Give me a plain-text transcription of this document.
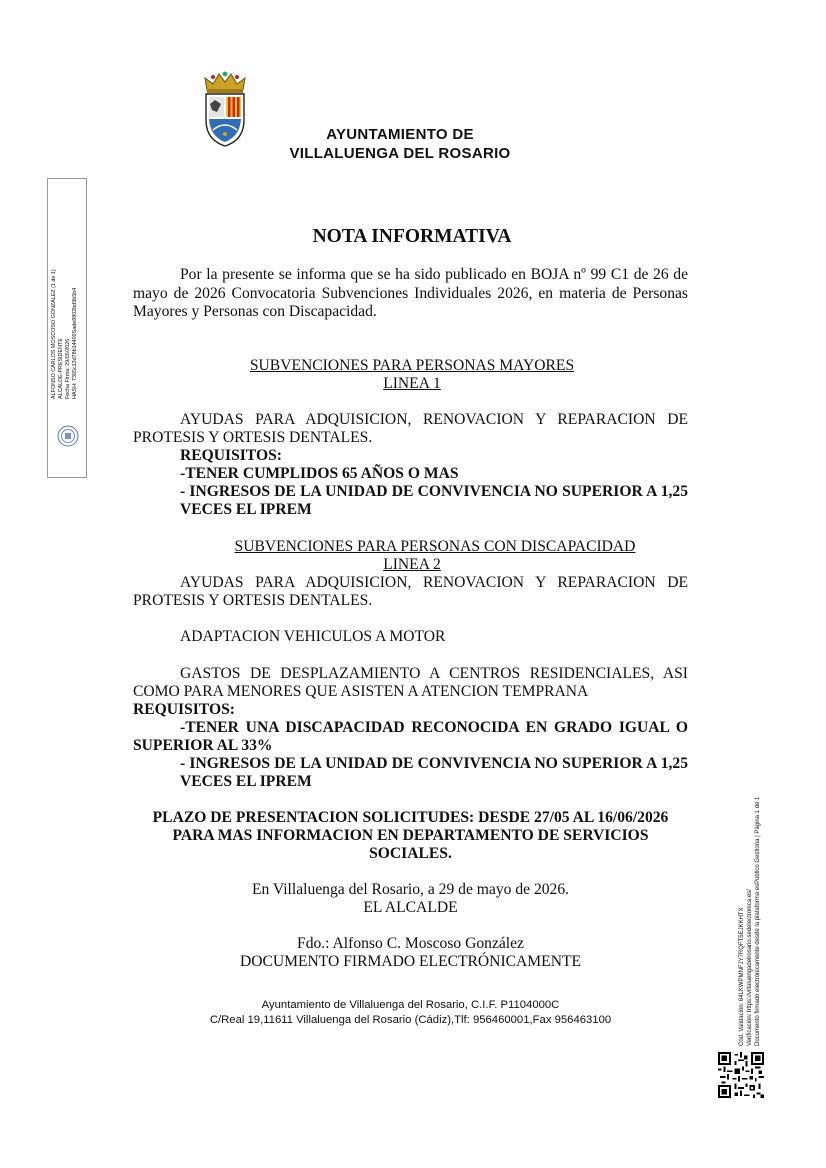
AYUNTAMIENTO DE
VILLALUENGA DEL ROSARIO
ALFONSO CARLOS MOSCOSO GONZALEZ (1 de 1) ALCALDE-PRESIDENTE Fecha Firma: 29/05/2026 HASH: 7305c13d78b14400Sade8802bd9b5b4
NOTA INFORMATIVA
Por la presente se informa que se ha sido publicado en BOJA nº 99 C1 de 26 de
mayo de 2026 Convocatoria Subvenciones Individuales 2026, en materia de Personas
Mayores y Personas con Discapacidad.
SUBVENCIONES PARA PERSONAS MAYORES
LINEA 1
AYUDAS PARA ADQUISICION, RENOVACION Y REPARACION DE
PROTESIS Y ORTESIS DENTALES.
REQUISITOS:
-TENER CUMPLIDOS 65 AÑOS O MAS
- INGRESOS DE LA UNIDAD DE CONVIVENCIA NO SUPERIOR A 1,25
VECES EL IPREM
SUBVENCIONES PARA PERSONAS CON DISCAPACIDAD
LINEA 2
AYUDAS PARA ADQUISICION, RENOVACION Y REPARACION DE
PROTESIS Y ORTESIS DENTALES.
ADAPTACION VEHICULOS A MOTOR
GASTOS DE DESPLAZAMIENTO A CENTROS RESIDENCIALES, ASI
COMO PARA MENORES QUE ASISTEN A ATENCION TEMPRANA
REQUISITOS:
-TENER UNA DISCAPACIDAD RECONOCIDA EN GRADO IGUAL O
SUPERIOR AL 33%
- INGRESOS DE LA UNIDAD DE CONVIVENCIA NO SUPERIOR A 1,25
VECES EL IPREM
PLAZO DE PRESENTACION SOLICITUDES: DESDE 27/05 AL 16/06/2026
PARA MAS INFORMACION EN DEPARTAMENTO DE SERVICIOS
SOCIALES.
En Villaluenga del Rosario, a 29 de mayo de 2026.
EL ALCALDE
Fdo.: Alfonso C. Moscoso González
DOCUMENTO FIRMADO ELECTRÓNICAMENTE
Ayuntamiento de Villaluenga del Rosario, C.I.F. P1104000C
C/Real 19,11611 Villaluenga del Rosario (Cádiz),Tlf: 956460001,Fax 956463100	Cód. Validación: 64LKWPMNFJY7RQFT5EJKKHTX Verificación: https://villaluengadelrosario.sedelectronica.es/ Documento firmado electrónicamente desde la plataforma esPublico Gestiona | Página 1 de 1
